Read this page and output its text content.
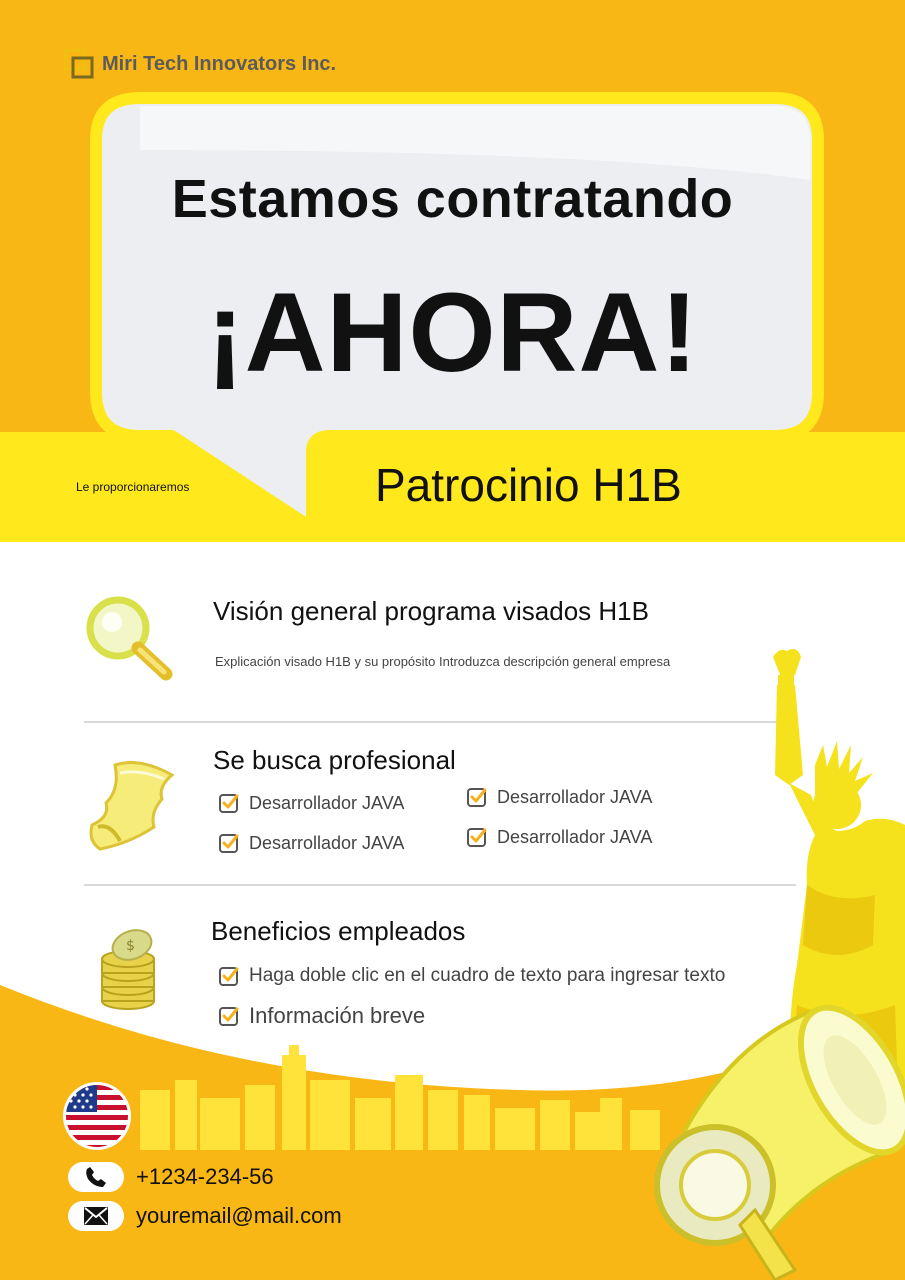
Miri Tech Innovators Inc.
Estamos contratando
¡AHORA!
Le proporcionaremos	Patrocinio H1B
Visión general programa visados H1B
Explicación visado H1B y su propósito Introduzca descripción general empresa
Se busca profesional
Desarrollador JAVA	Desarrollador JAVA
Desarrollador JAVA	Desarrollador JAVA
$	Beneficios empleados
Haga doble clic en el cuadro de texto para ingresar texto
Información breve
+1234-234-56
youremail@mail.com
